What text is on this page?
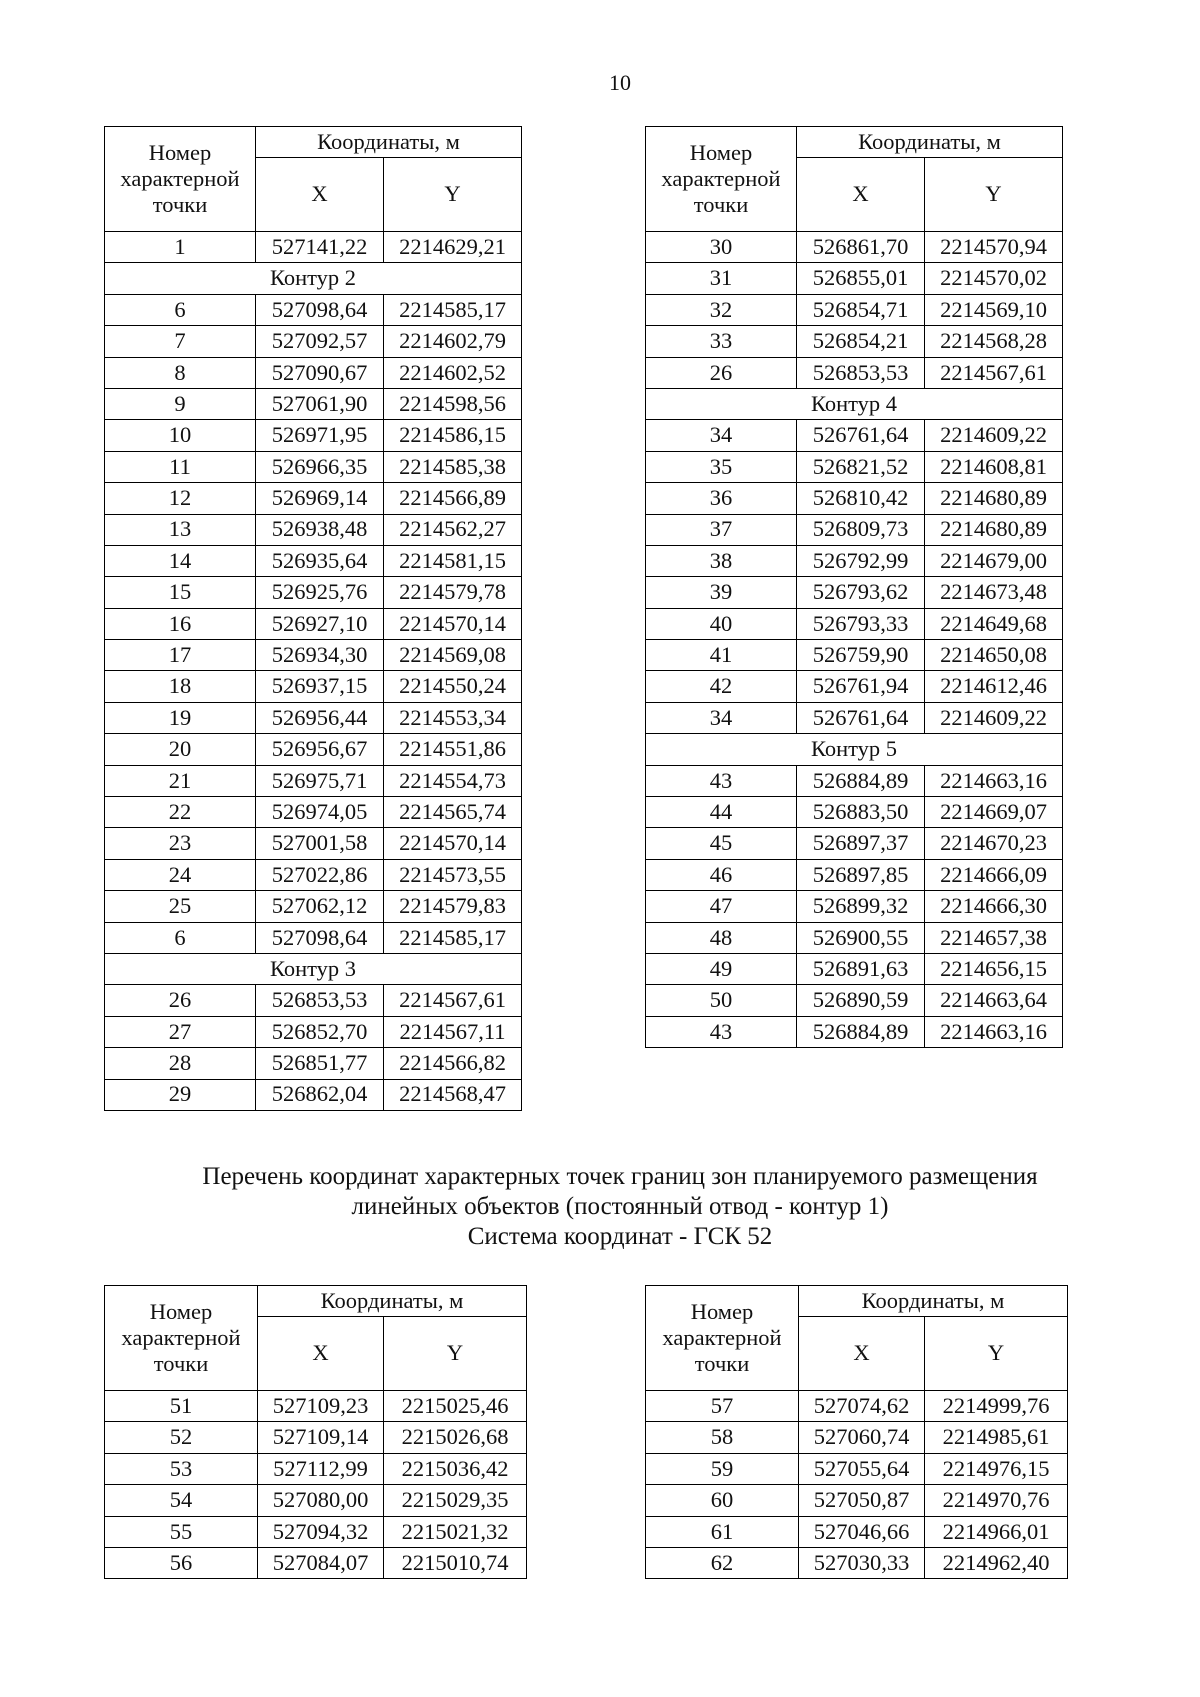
10
Номер характерной точки	Координаты, м	
	X	Y
1	527141,22	2214629,21
Контур 2		
6	527098,64	2214585,17
7	527092,57	2214602,79
8	527090,67	2214602,52
9	527061,90	2214598,56
10	526971,95	2214586,15
11	526966,35	2214585,38
12	526969,14	2214566,89
13	526938,48	2214562,27
14	526935,64	2214581,15
15	526925,76	2214579,78
16	526927,10	2214570,14
17	526934,30	2214569,08
18	526937,15	2214550,24
19	526956,44	2214553,34
20	526956,67	2214551,86
21	526975,71	2214554,73
22	526974,05	2214565,74
23	527001,58	2214570,14
24	527022,86	2214573,55
25	527062,12	2214579,83
6	527098,64	2214585,17
Контур 3		
26	526853,53	2214567,61
27	526852,70	2214567,11
28	526851,77	2214566,82
29	526862,04	2214568,47
Номер характерной точки	Координаты, м	
	X	Y
30	526861,70	2214570,94
31	526855,01	2214570,02
32	526854,71	2214569,10
33	526854,21	2214568,28
26	526853,53	2214567,61
Контур 4		
34	526761,64	2214609,22
35	526821,52	2214608,81
36	526810,42	2214680,89
37	526809,73	2214680,89
38	526792,99	2214679,00
39	526793,62	2214673,48
40	526793,33	2214649,68
41	526759,90	2214650,08
42	526761,94	2214612,46
34	526761,64	2214609,22
Контур 5		
43	526884,89	2214663,16
44	526883,50	2214669,07
45	526897,37	2214670,23
46	526897,85	2214666,09
47	526899,32	2214666,30
48	526900,55	2214657,38
49	526891,63	2214656,15
50	526890,59	2214663,64
43	526884,89	2214663,16
Перечень координат характерных точек границ зон планируемого размещения
линейных объектов (постоянный отвод - контур 1)
Система координат - ГСК 52
Номер характерной точки	Координаты, м	
	X	Y
51	527109,23	2215025,46
52	527109,14	2215026,68
53	527112,99	2215036,42
54	527080,00	2215029,35
55	527094,32	2215021,32
56	527084,07	2215010,74
Номер характерной точки	Координаты, м	
	X	Y
57	527074,62	2214999,76
58	527060,74	2214985,61
59	527055,64	2214976,15
60	527050,87	2214970,76
61	527046,66	2214966,01
62	527030,33	2214962,40
